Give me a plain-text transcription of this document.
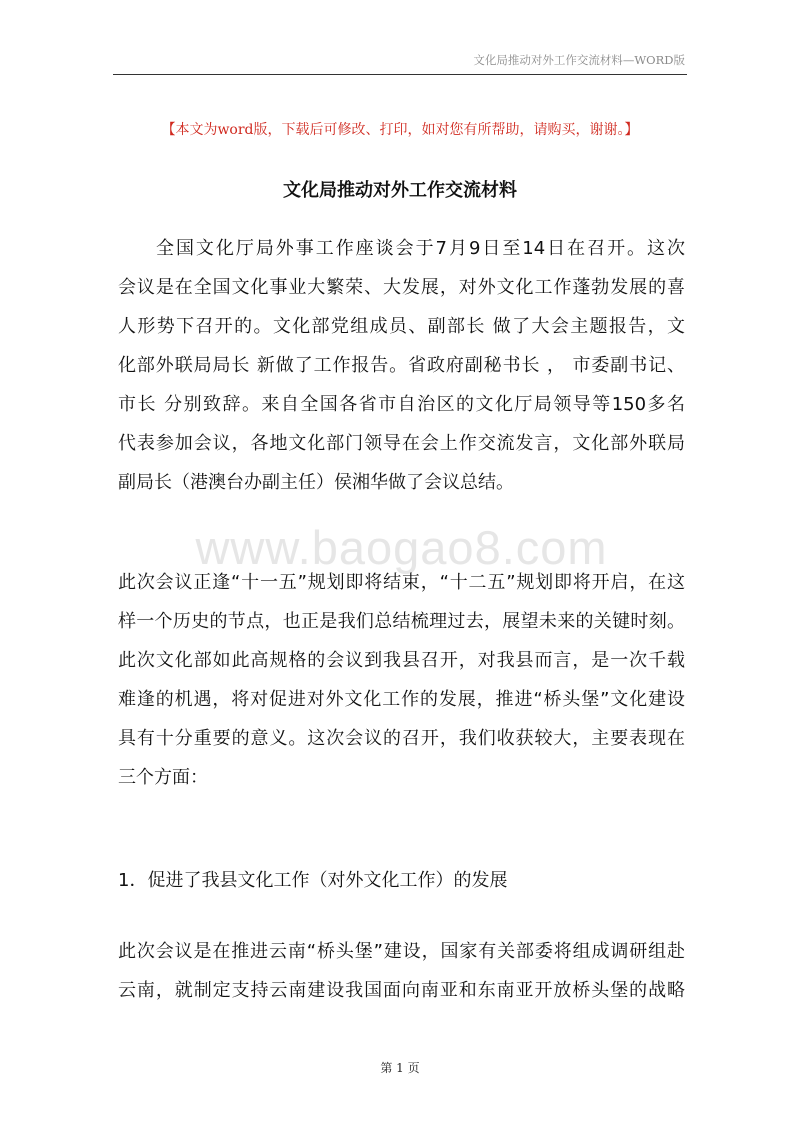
文化局推动对外工作交流材料—WORD版
【本文为word版，下载后可修改、打印，如对您有所帮助，请购买，谢谢。】
文化局推动对外工作交流材料
全国文化厅局外事工作座谈会于7月9日至14日在召开。这次
会议是在全国文化事业大繁荣、大发展，对外文化工作蓬勃发展的喜
人形势下召开的。文化部党组成员、副部长 做了大会主题报告，文
化部外联局局长 新做了工作报告。省政府副秘书长 ， 市委副书记、
市长 分别致辞。来自全国各省市自治区的文化厅局领导等150多名
代表参加会议，各地文化部门领导在会上作交流发言，文化部外联局
副局长（港澳台办副主任）侯湘华做了会议总结。
www.baogao8.com
此次会议正逢“十一五”规划即将结束，“十二五”规划即将开启，在这
样一个历史的节点，也正是我们总结梳理过去，展望未来的关键时刻。
此次文化部如此高规格的会议到我县召开，对我县而言，是一次千载
难逢的机遇，将对促进对外文化工作的发展，推进“桥头堡”文化建设
具有十分重要的意义。这次会议的召开，我们收获较大，主要表现在
三个方面：
1．促进了我县文化工作（对外文化工作）的发展
此次会议是在推进云南“桥头堡”建设，国家有关部委将组成调研组赴
云南，就制定支持云南建设我国面向南亚和东南亚开放桥头堡的战略
第 1 页
